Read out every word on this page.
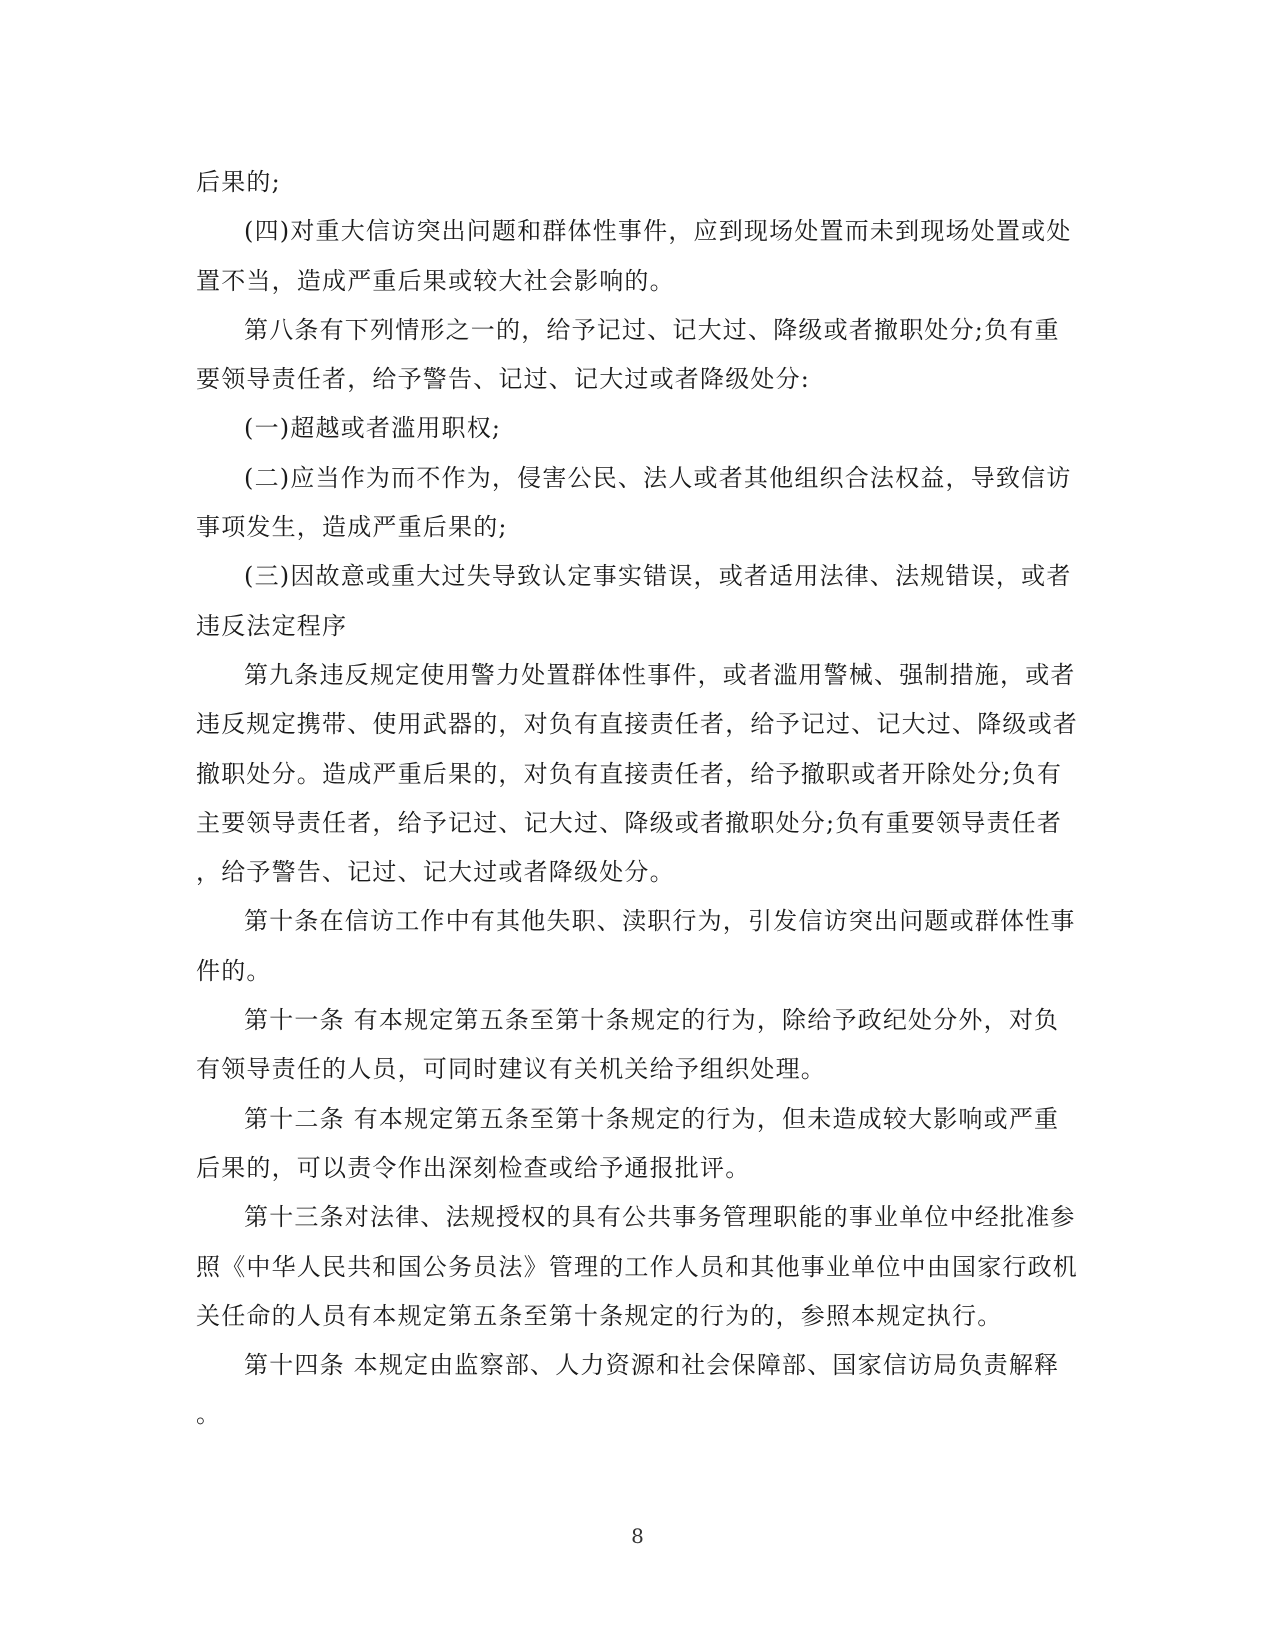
后果的;
(四)对重大信访突出问题和群体性事件，应到现场处置而未到现场处置或处
置不当，造成严重后果或较大社会影响的。
第八条有下列情形之一的，给予记过、记大过、降级或者撤职处分;负有重
要领导责任者，给予警告、记过、记大过或者降级处分:
(一)超越或者滥用职权;
(二)应当作为而不作为，侵害公民、法人或者其他组织合法权益，导致信访
事项发生，造成严重后果的;
(三)因故意或重大过失导致认定事实错误，或者适用法律、法规错误，或者
违反法定程序
第九条违反规定使用警力处置群体性事件，或者滥用警械、强制措施，或者
违反规定携带、使用武器的，对负有直接责任者，给予记过、记大过、降级或者
撤职处分。造成严重后果的，对负有直接责任者，给予撤职或者开除处分;负有
主要领导责任者，给予记过、记大过、降级或者撤职处分;负有重要领导责任者
，给予警告、记过、记大过或者降级处分。
第十条在信访工作中有其他失职、渎职行为，引发信访突出问题或群体性事
件的。
第十一条 有本规定第五条至第十条规定的行为，除给予政纪处分外，对负
有领导责任的人员，可同时建议有关机关给予组织处理。
第十二条 有本规定第五条至第十条规定的行为，但未造成较大影响或严重
后果的，可以责令作出深刻检查或给予通报批评。
第十三条对法律、法规授权的具有公共事务管理职能的事业单位中经批准参
照《中华人民共和国公务员法》管理的工作人员和其他事业单位中由国家行政机
关任命的人员有本规定第五条至第十条规定的行为的，参照本规定执行。
第十四条 本规定由监察部、人力资源和社会保障部、国家信访局负责解释
。
8
